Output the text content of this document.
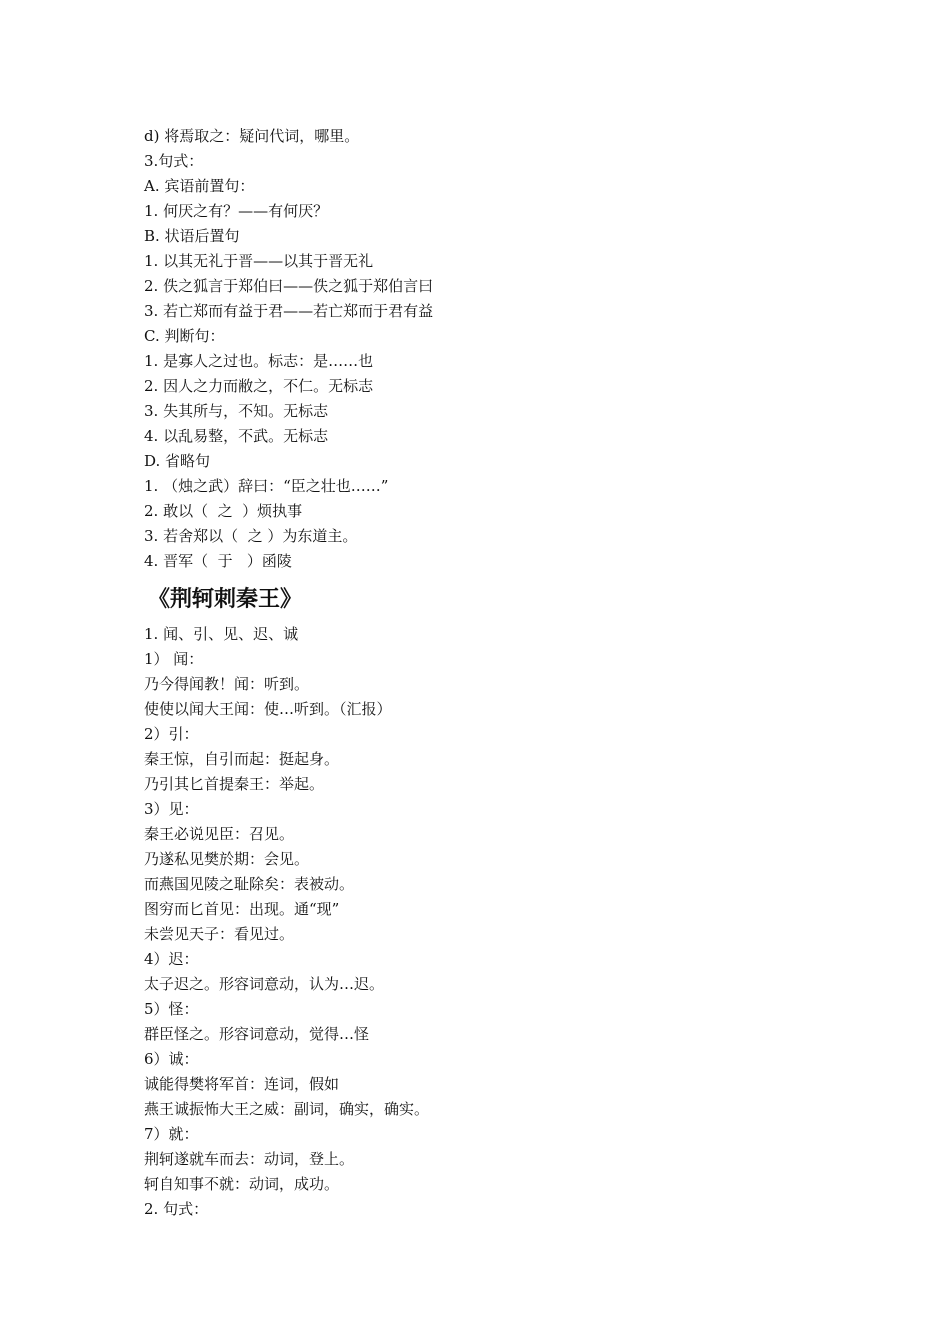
d) 将焉取之：疑问代词，哪里。
3.句式：
A. 宾语前置句：
1. 何厌之有？——有何厌？
B. 状语后置句
1. 以其无礼于晋——以其于晋无礼
2. 佚之狐言于郑伯曰——佚之狐于郑伯言曰
3. 若亡郑而有益于君——若亡郑而于君有益
C. 判断句：
1. 是寡人之过也。标志：是……也
2. 因人之力而敝之，不仁。无标志
3. 失其所与，不知。无标志
4. 以乱易整，不武。无标志
D. 省略句
1. （烛之武）辞曰：“臣之壮也……”
2. 敢以（  之  ）烦执事
3. 若舍郑以（  之 ）为东道主。
4. 晋军（  于   ）函陵
《荆轲刺秦王》
1. 闻、引、见、迟、诚
1） 闻：
乃今得闻教！闻：听到。
使使以闻大王闻：使…听到。（汇报）
2）引：
秦王惊，自引而起：挺起身。
乃引其匕首提秦王：举起。
3）见：
秦王必说见臣：召见。
乃遂私见樊於期：会见。
而燕国见陵之耻除矣：表被动。
图穷而匕首见：出现。通“现”
未尝见天子：看见过。
4）迟：
太子迟之。形容词意动，认为…迟。
5）怪：
群臣怪之。形容词意动，觉得…怪
6）诚：
诚能得樊将军首：连词，假如
燕王诚振怖大王之威：副词，确实，确实。
7）就：
荆轲遂就车而去：动词，登上。
轲自知事不就：动词，成功。
2. 句式：
